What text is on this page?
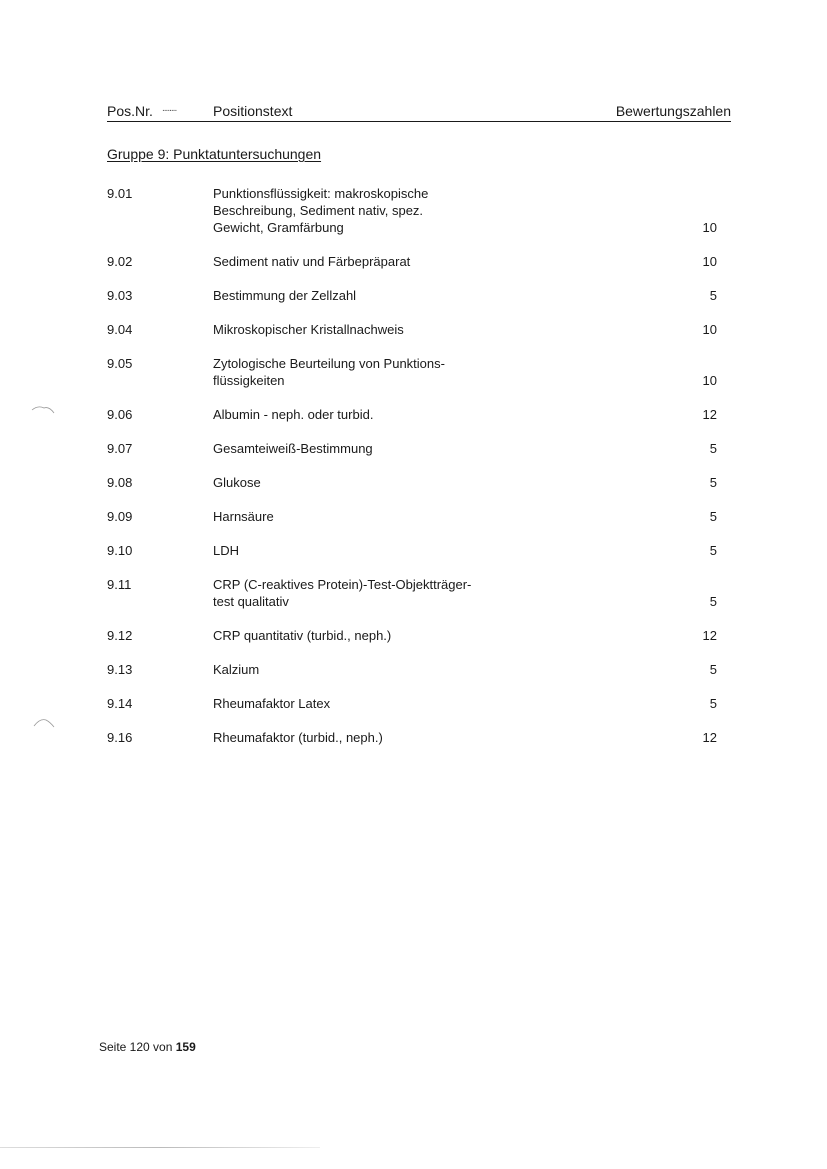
Pos.Nr. ........	Positionstext	Bewertungszahlen
Gruppe 9: Punktatuntersuchungen
9.01	Punktionsflüssigkeit: makroskopische
Beschreibung, Sediment nativ, spez.
Gewicht, Gramfärbung	10
9.02	Sediment nativ und Färbepräparat	10
9.03	Bestimmung der Zellzahl	5
9.04	Mikroskopischer Kristallnachweis	10
9.05	Zytologische Beurteilung von Punktions-
flüssigkeiten	10
9.06	Albumin - neph. oder turbid.	12
9.07	Gesamteiweiß-Bestimmung	5
9.08	Glukose	5
9.09	Harnsäure	5
9.10	LDH	5
9.11	CRP (C-reaktives Protein)-Test-Objektträger-
test qualitativ	5
9.12	CRP quantitativ (turbid., neph.)	12
9.13	Kalzium	5
9.14	Rheumafaktor Latex	5
9.16	Rheumafaktor (turbid., neph.)	12
Seite 120 von 159
